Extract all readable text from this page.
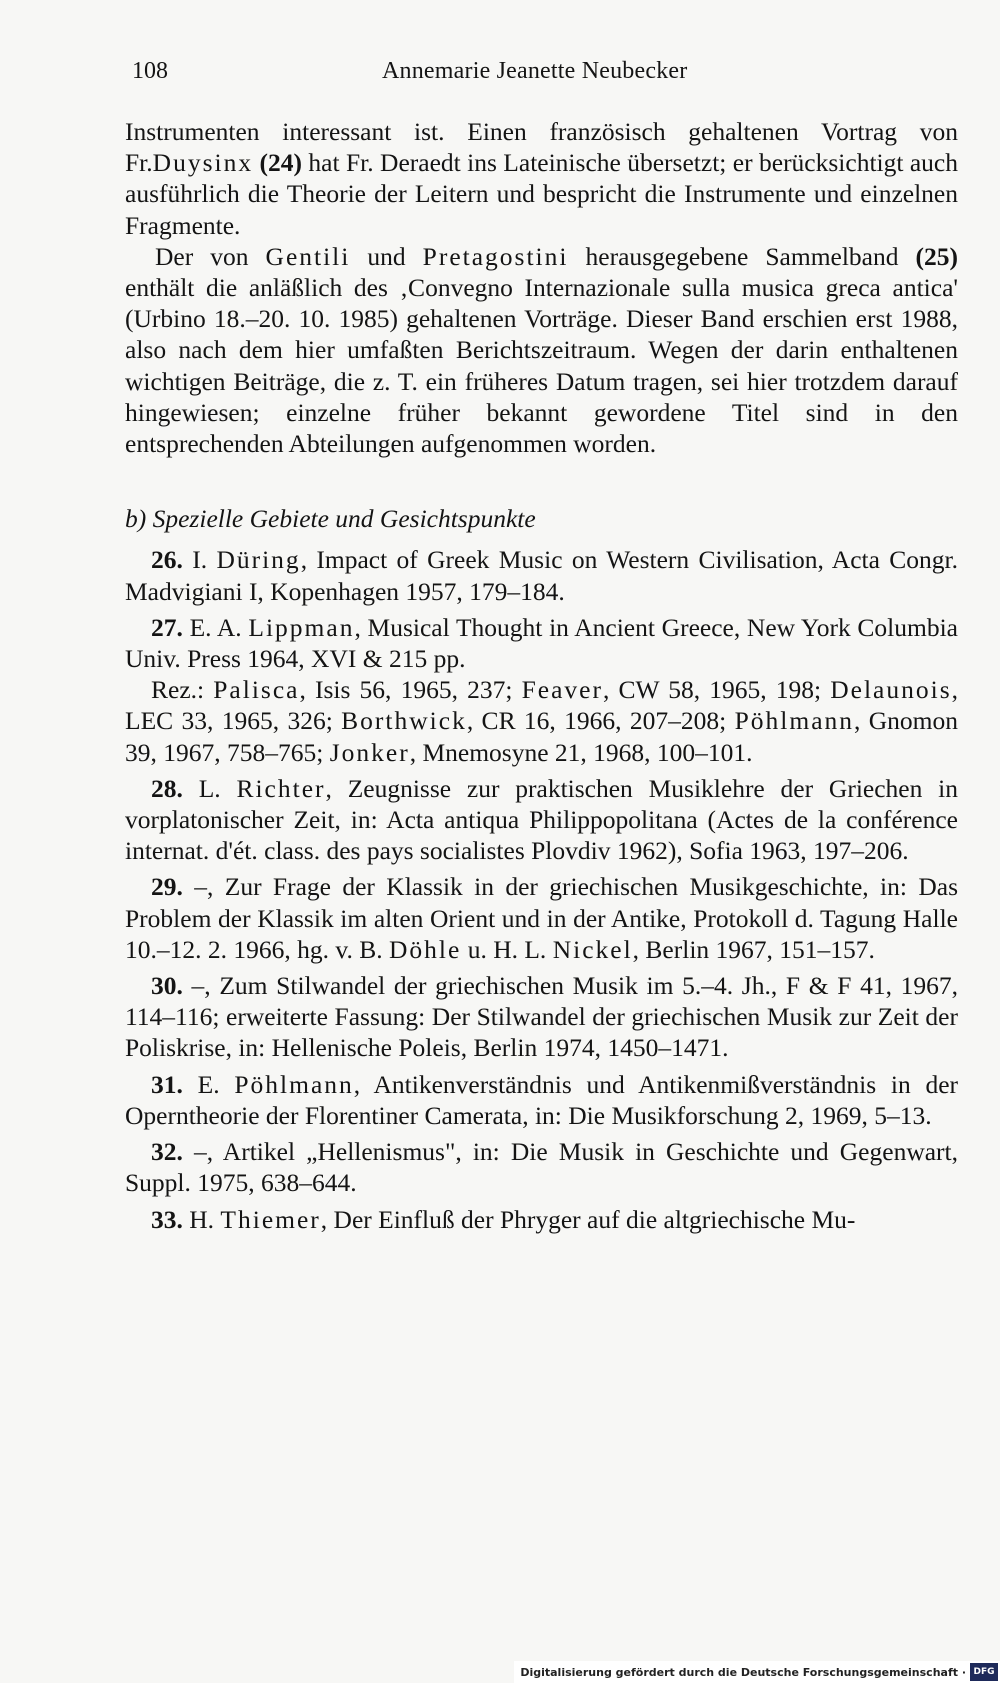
108	Annemarie Jeanette Neubecker

Instrumenten interessant ist. Einen französisch gehaltenen Vortrag von Fr.Duysinx (24) hat Fr. Deraedt ins Lateinische übersetzt; er berücksichtigt auch ausführlich die Theorie der Leitern und bespricht die Instrumente und einzelnen Fragmente.

Der von Gentili und Pretagostini herausgegebene Sammelband (25) enthält die anläßlich des ‚Convegno Internazionale sulla musica greca antica' (Urbino 18.–20. 10. 1985) gehaltenen Vorträge. Dieser Band erschien erst 1988, also nach dem hier umfaßten Berichtszeitraum. Wegen der darin enthaltenen wichtigen Beiträge, die z. T. ein früheres Datum tragen, sei hier trotzdem darauf hingewiesen; einzelne früher bekannt gewordene Titel sind in den entsprechenden Abteilungen aufgenommen worden.

b) Spezielle Gebiete und Gesichtspunkte

26. I. Düring, Impact of Greek Music on Western Civilisation, Acta Congr. Madvigiani I, Kopenhagen 1957, 179–184.

27. E. A. Lippman, Musical Thought in Ancient Greece, New York Columbia Univ. Press 1964, XVI & 215 pp.

Rez.: Palisca, Isis 56, 1965, 237; Feaver, CW 58, 1965, 198; Delaunois, LEC 33, 1965, 326; Borthwick, CR 16, 1966, 207–208; Pöhlmann, Gnomon 39, 1967, 758–765; Jonker, Mnemosyne 21, 1968, 100–101.

28. L. Richter, Zeugnisse zur praktischen Musiklehre der Griechen in vorplatonischer Zeit, in: Acta antiqua Philippopolitana (Actes de la conférence internat. d'ét. class. des pays socialistes Plovdiv 1962), Sofia 1963, 197–206.

29. –, Zur Frage der Klassik in der griechischen Musikgeschichte, in: Das Problem der Klassik im alten Orient und in der Antike, Protokoll d. Tagung Halle 10.–12. 2. 1966, hg. v. B. Döhle u. H. L. Nickel, Berlin 1967, 151–157.

30. –, Zum Stilwandel der griechischen Musik im 5.–4. Jh., F & F 41, 1967, 114–116; erweiterte Fassung: Der Stilwandel der griechischen Musik zur Zeit der Poliskrise, in: Hellenische Poleis, Berlin 1974, 1450–1471.

31. E. Pöhlmann, Antikenverständnis und Antikenmißverständnis in der Operntheorie der Florentiner Camerata, in: Die Musikforschung 2, 1969, 5–13.

32. –, Artikel „Hellenismus", in: Die Musik in Geschichte und Gegenwart, Suppl. 1975, 638–644.

33. H. Thiemer, Der Einfluß der Phryger auf die altgriechische Mu-

Digitalisierung gefördert durch die Deutsche Forschungsgemeinschaft · DFG
